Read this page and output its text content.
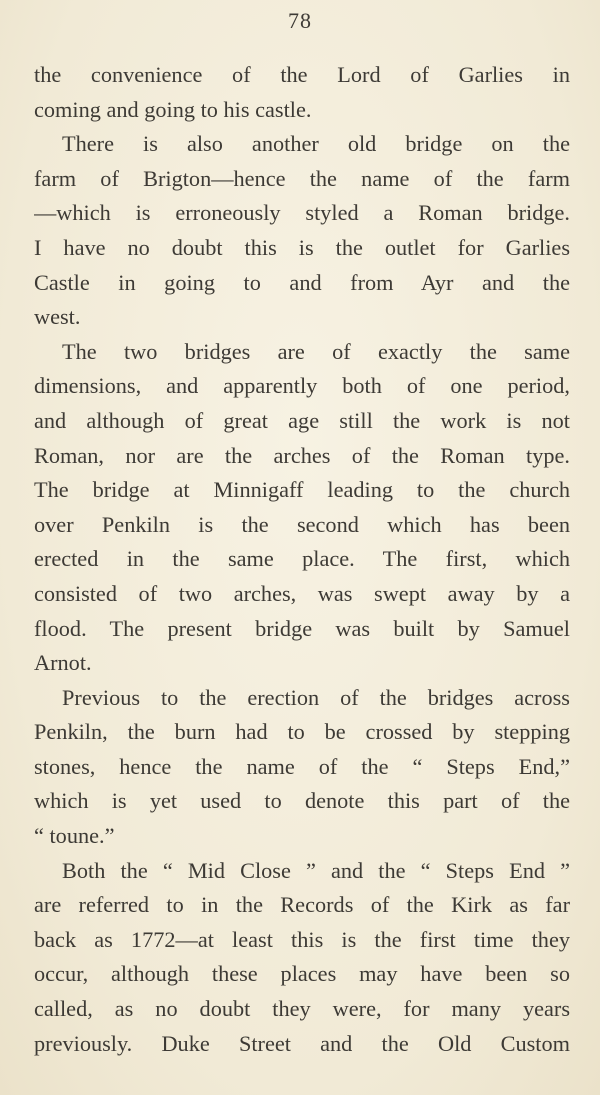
78
the convenience of the Lord of Garlies in
coming and going to his castle.
There is also another old bridge on the
farm of Brigton—hence the name of the farm
—which is erroneously styled a Roman bridge.
I have no doubt this is the outlet for Garlies
Castle in going to and from Ayr and the
west.
The two bridges are of exactly the same
dimensions, and apparently both of one period,
and although of great age still the work is not
Roman, nor are the arches of the Roman type.
The bridge at Minnigaff leading to the church
over Penkiln is the second which has been
erected in the same place. The first, which
consisted of two arches, was swept away by a
flood. The present bridge was built by Samuel
Arnot.
Previous to the erection of the bridges across
Penkiln, the burn had to be crossed by stepping
stones, hence the name of the “ Steps End,”
which is yet used to denote this part of the
“ toune.”
Both the “ Mid Close ” and the “ Steps End ”
are referred to in the Records of the Kirk as far
back as 1772—at least this is the first time they
occur, although these places may have been so
called, as no doubt they were, for many years
previously. Duke Street and the Old Custom
